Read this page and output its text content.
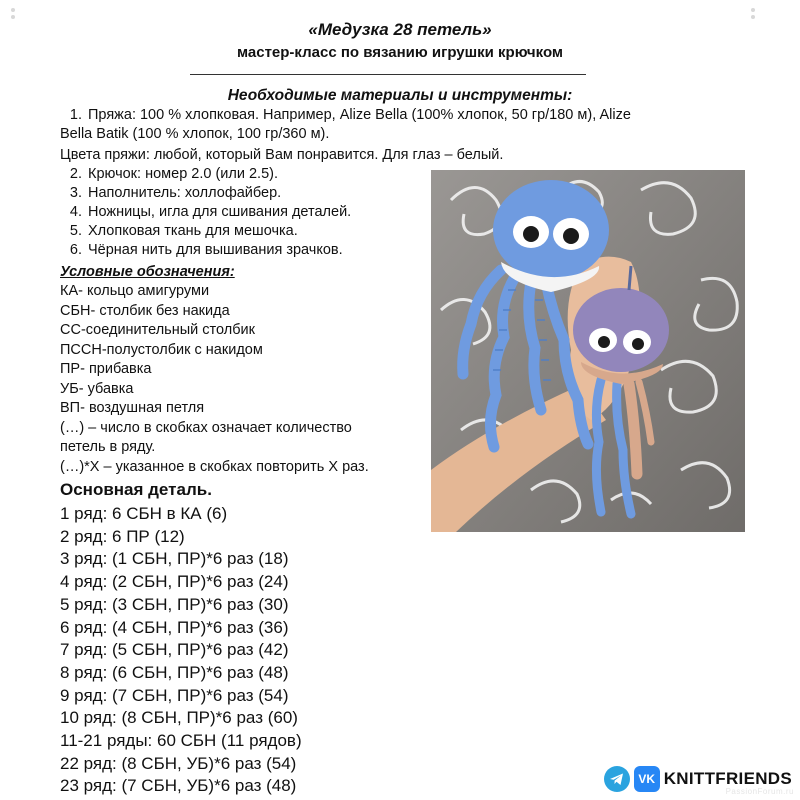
«Медузка 28 петель»
мастер-класс по вязанию игрушки крючком
Необходимые материалы и инструменты:
1. Пряжа: 100 % хлопковая. Например, Alize Bella (100% хлопок, 50 гр/180 м), Alize
Bella Batik (100 % хлопок, 100 гр/360 м).
Цвета пряжи: любой, который Вам понравится. Для глаз – белый.
2. Крючок: номер 2.0 (или 2.5).
3. Наполнитель: холлофайбер.
4. Ножницы, игла для сшивания деталей.
5. Хлопковая ткань для мешочка.
6. Чёрная нить для вышивания зрачков.
Условные обозначения:
КА- кольцо амигуруми
СБН- столбик без накида
СС-соединительный столбик
ПССН-полустолбик с накидом
ПР- прибавка
УБ- убавка
ВП- воздушная петля
(…) – число в скобках означает количество
петель в ряду.
(…)*Х – указанное в скобках повторить Х раз.
Основная деталь.
1 ряд: 6 СБН в КА (6)
2 ряд: 6 ПР (12)
3 ряд: (1 СБН, ПР)*6 раз (18)
4 ряд: (2 СБН, ПР)*6 раз (24)
5 ряд: (3 СБН, ПР)*6 раз (30)
6 ряд: (4 СБН, ПР)*6 раз (36)
7 ряд: (5 СБН, ПР)*6 раз (42)
8 ряд: (6 СБН, ПР)*6 раз (48)
9 ряд: (7 СБН, ПР)*6 раз (54)
10 ряд: (8 СБН, ПР)*6 раз (60)
11-21 ряды: 60 СБН (11 рядов)
22 ряд: (8 СБН, УБ)*6 раз (54)
23 ряд: (7 СБН, УБ)*6 раз (48)	VK KNITTFRIENDS
PassionForum.ru
